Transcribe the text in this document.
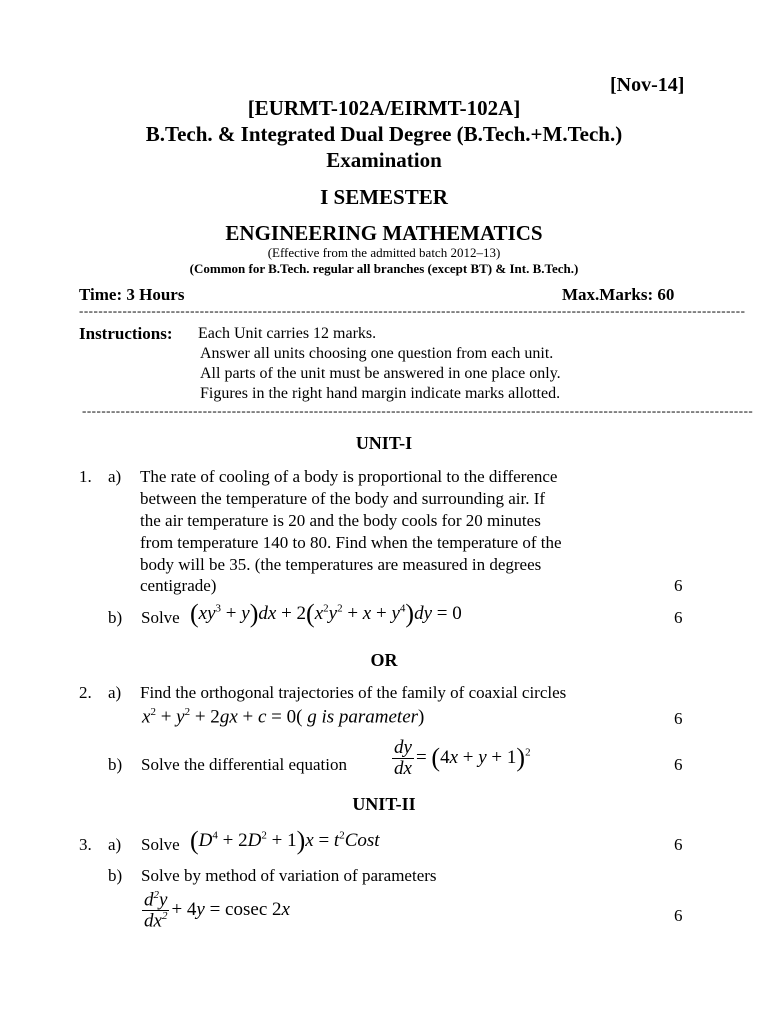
[Nov-14]
[EURMT-102A/EIRMT-102A]
B.Tech. & Integrated Dual Degree (B.Tech.+M.Tech.)
Examination
I SEMESTER
ENGINEERING MATHEMATICS
(Effective from the admitted batch 2012–13)
(Common for B.Tech. regular all branches (except BT) & Int. B.Tech.)
Time: 3 Hours	Max.Marks: 60
------------------------------------------------------------------------------------------------------------------------------------------
Instructions: Each Unit carries 12 marks.
Answer all units choosing one question from each unit.
All parts of the unit must be answered in one place only.
Figures in the right hand margin indicate marks allotted.
-------------------------------------------------------------------------------------------------------------------------------------------
UNIT-I
1. a) The rate of cooling of a body is proportional to the difference
between the temperature of the body and surrounding air. If
the air temperature is 20 and the body cools for 20 minutes
from temperature 140 to 80. Find when the temperature of the
body will be 35. (the temperatures are measured in degrees
centigrade)	6
b) Solve $(xy^3 + y)dx + 2(x^2y^2 + x + y^4)dy = 0$	6
OR
2. a) Find the orthogonal trajectories of the family of coaxial circles
$x^2 + y^2 + 2gx + c = 0$( g is parameter)	6
b) Solve the differential equation $\frac{dy}{dx} = (4x + y + 1)^2$
6
UNIT-II
3. a) Solve $(D^4 + 2D^2 + 1)x$ = $t^2Cost$	6
b) Solve by method of variation of parameters
$\frac{d^2y}{dx^2} + 4y = cosec$ 2x	6
